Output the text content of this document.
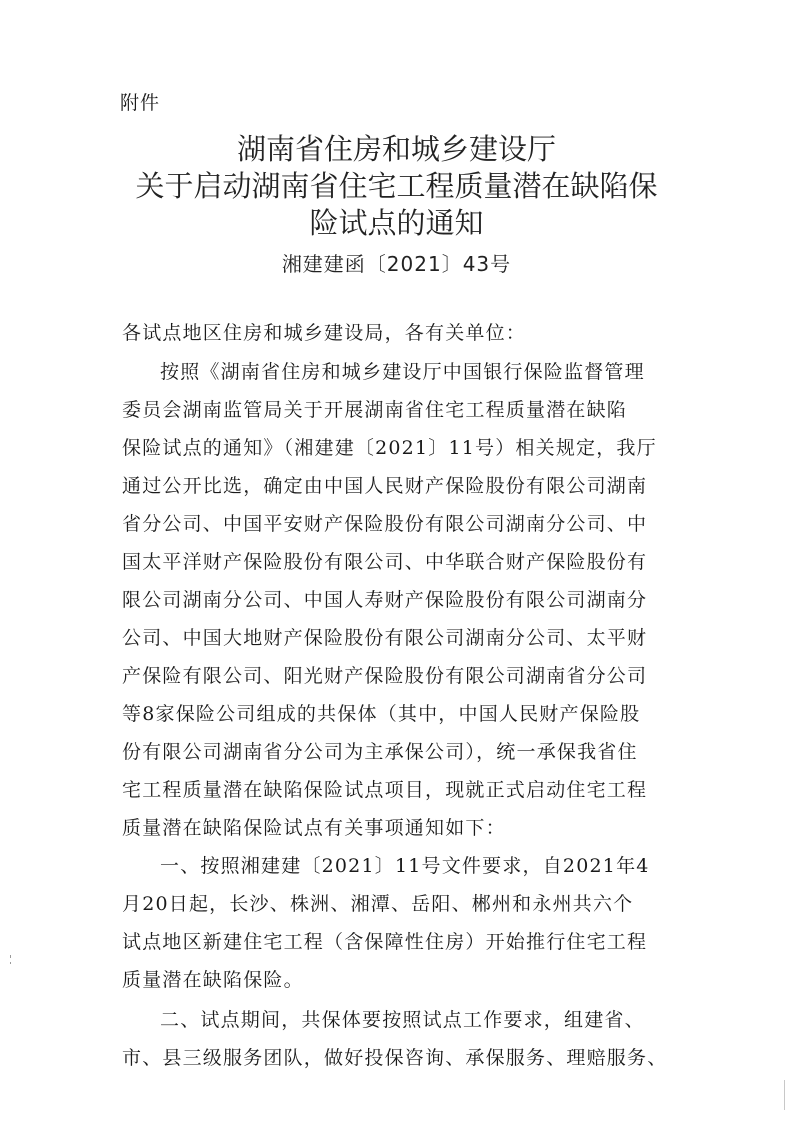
附件
湖南省住房和城乡建设厅
关于启动湖南省住宅工程质量潜在缺陷保
险试点的通知
湘建建函〔2021〕43号
各试点地区住房和城乡建设局，各有关单位：
按照《湖南省住房和城乡建设厅中国银行保险监督管理
委员会湖南监管局关于开展湖南省住宅工程质量潜在缺陷
保险试点的通知》（湘建建〔2021〕11号）相关规定，我厅
通过公开比选，确定由中国人民财产保险股份有限公司湖南
省分公司、中国平安财产保险股份有限公司湖南分公司、中
国太平洋财产保险股份有限公司、中华联合财产保险股份有
限公司湖南分公司、中国人寿财产保险股份有限公司湖南分
公司、中国大地财产保险股份有限公司湖南分公司、太平财
产保险有限公司、阳光财产保险股份有限公司湖南省分公司
等8家保险公司组成的共保体（其中，中国人民财产保险股
份有限公司湖南省分公司为主承保公司），统一承保我省住
宅工程质量潜在缺陷保险试点项目，现就正式启动住宅工程
质量潜在缺陷保险试点有关事项通知如下：
一、按照湘建建〔2021〕11号文件要求，自2021年4
月20日起，长沙、株洲、湘潭、岳阳、郴州和永州共六个
试点地区新建住宅工程（含保障性住房）开始推行住宅工程
质量潜在缺陷保险。
二、试点期间，共保体要按照试点工作要求，组建省、
市、县三级服务团队，做好投保咨询、承保服务、理赔服务、
